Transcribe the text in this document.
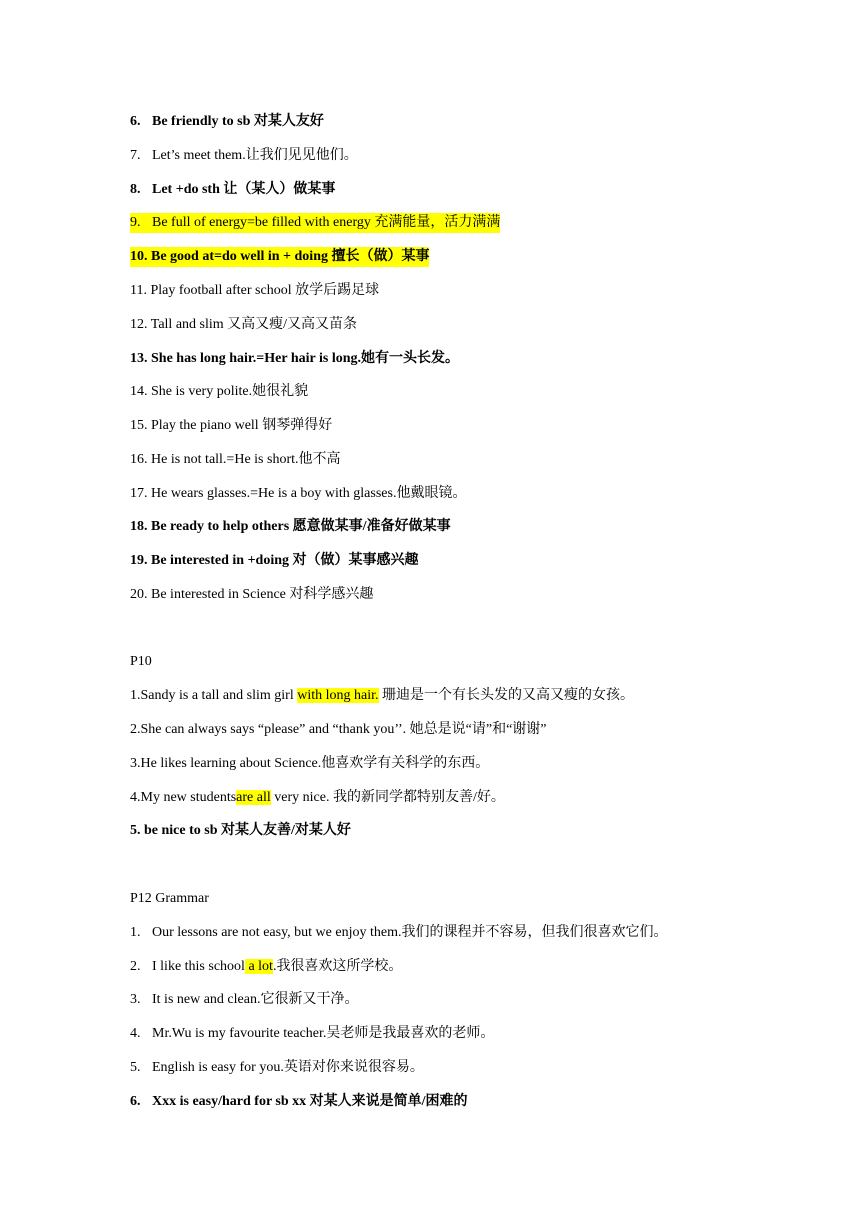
6. Be friendly to sb 对某人友好
7. Let’s meet them.让我们见见他们。
8. Let +do sth 让（某人）做某事
9. Be full of energy=be filled with energy 充满能量，活力满满
10. Be good at=do well in + doing 擅长（做）某事
11. Play football after school 放学后踢足球
12. Tall and slim 又高又瘦/又高又苗条
13. She has long hair.=Her hair is long.她有一头长发。
14. She is very polite.她很礼貌
15. Play the piano well 钢琴弹得好
16. He is not tall.=He is short.他不高
17. He wears glasses.=He is a boy with glasses.他戴眼镜。
18. Be ready to help others 愿意做某事/准备好做某事
19. Be interested in +doing 对（做）某事感兴趣
20. Be interested in Science 对科学感兴趣
P10
1.Sandy is a tall and slim girl with long hair. 珊迪是一个有长头发的又高又瘦的女孩。
2.She can always says “please” and “thank you’’. 她总是说“请”和“谢谢”
3.He likes learning about Science.他喜欢学有关科学的东西。
4.My new studentsare all very nice. 我的新同学都特别友善/好。
5. be nice to sb 对某人友善/对某人好
P12 Grammar
1. Our lessons are not easy, but we enjoy them.我们的课程并不容易，但我们很喜欢它们。
2. I like this school a lot.我很喜欢这所学校。
3. It is new and clean.它很新又干净。
4. Mr.Wu is my favourite teacher.吴老师是我最喜欢的老师。
5. English is easy for you.英语对你来说很容易。
6. Xxx is easy/hard for sb xx 对某人来说是简单/困难的
